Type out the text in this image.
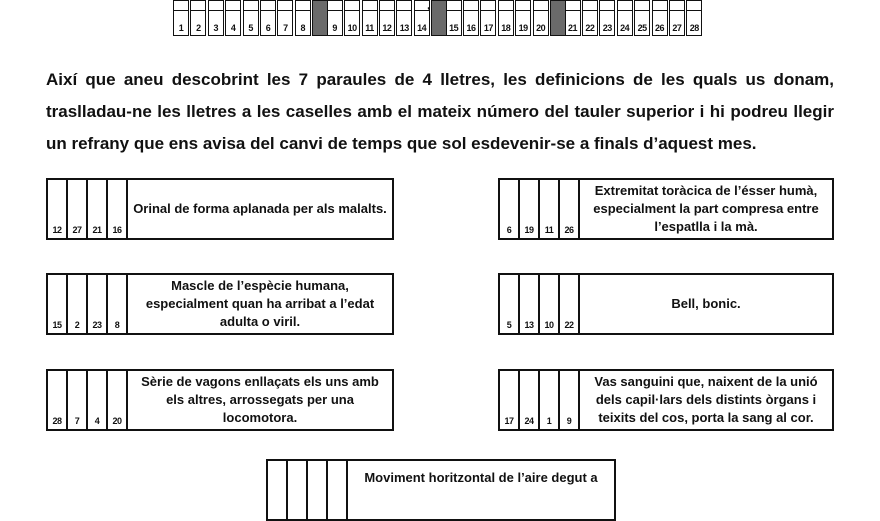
1	2	3	4	5	6	7	8	9	10 11 12 13 14	15 16 17 18 19 20	21 22 23 24 25 26 27 28
,

Així que aneu descobrint les 7 paraules de 4 lletres, les definicions de les quals us donam, traslladau-ne les lletres a les caselles amb el mateix número del tauler superior i hi podreu llegir un refrany que ens avisa del canvi de temps que sol esdevenir-se a finals d’aquest mes.

12	27	21	16
Orinal de forma aplanada per als malalts.
6	19	11	26
Extremitat toràcica de l’ésser humà, especialment la part compresa entre l’espatlla i la mà.
15	2	23	8
Mascle de l’espècie humana, especialment quan ha arribat a l’edat adulta o viril.	5	13	10	22
Bell, bonic.
28	7	4	20
Sèrie de vagons enllaçats els uns amb els altres, arrossegats per una locomotora.	17	24	1	9
Vas sanguini que, naixent de la unió dels capil·lars dels distints òrgans i teixits del cos, porta la sang al cor.
Moviment horitzontal de l’aire degut a
